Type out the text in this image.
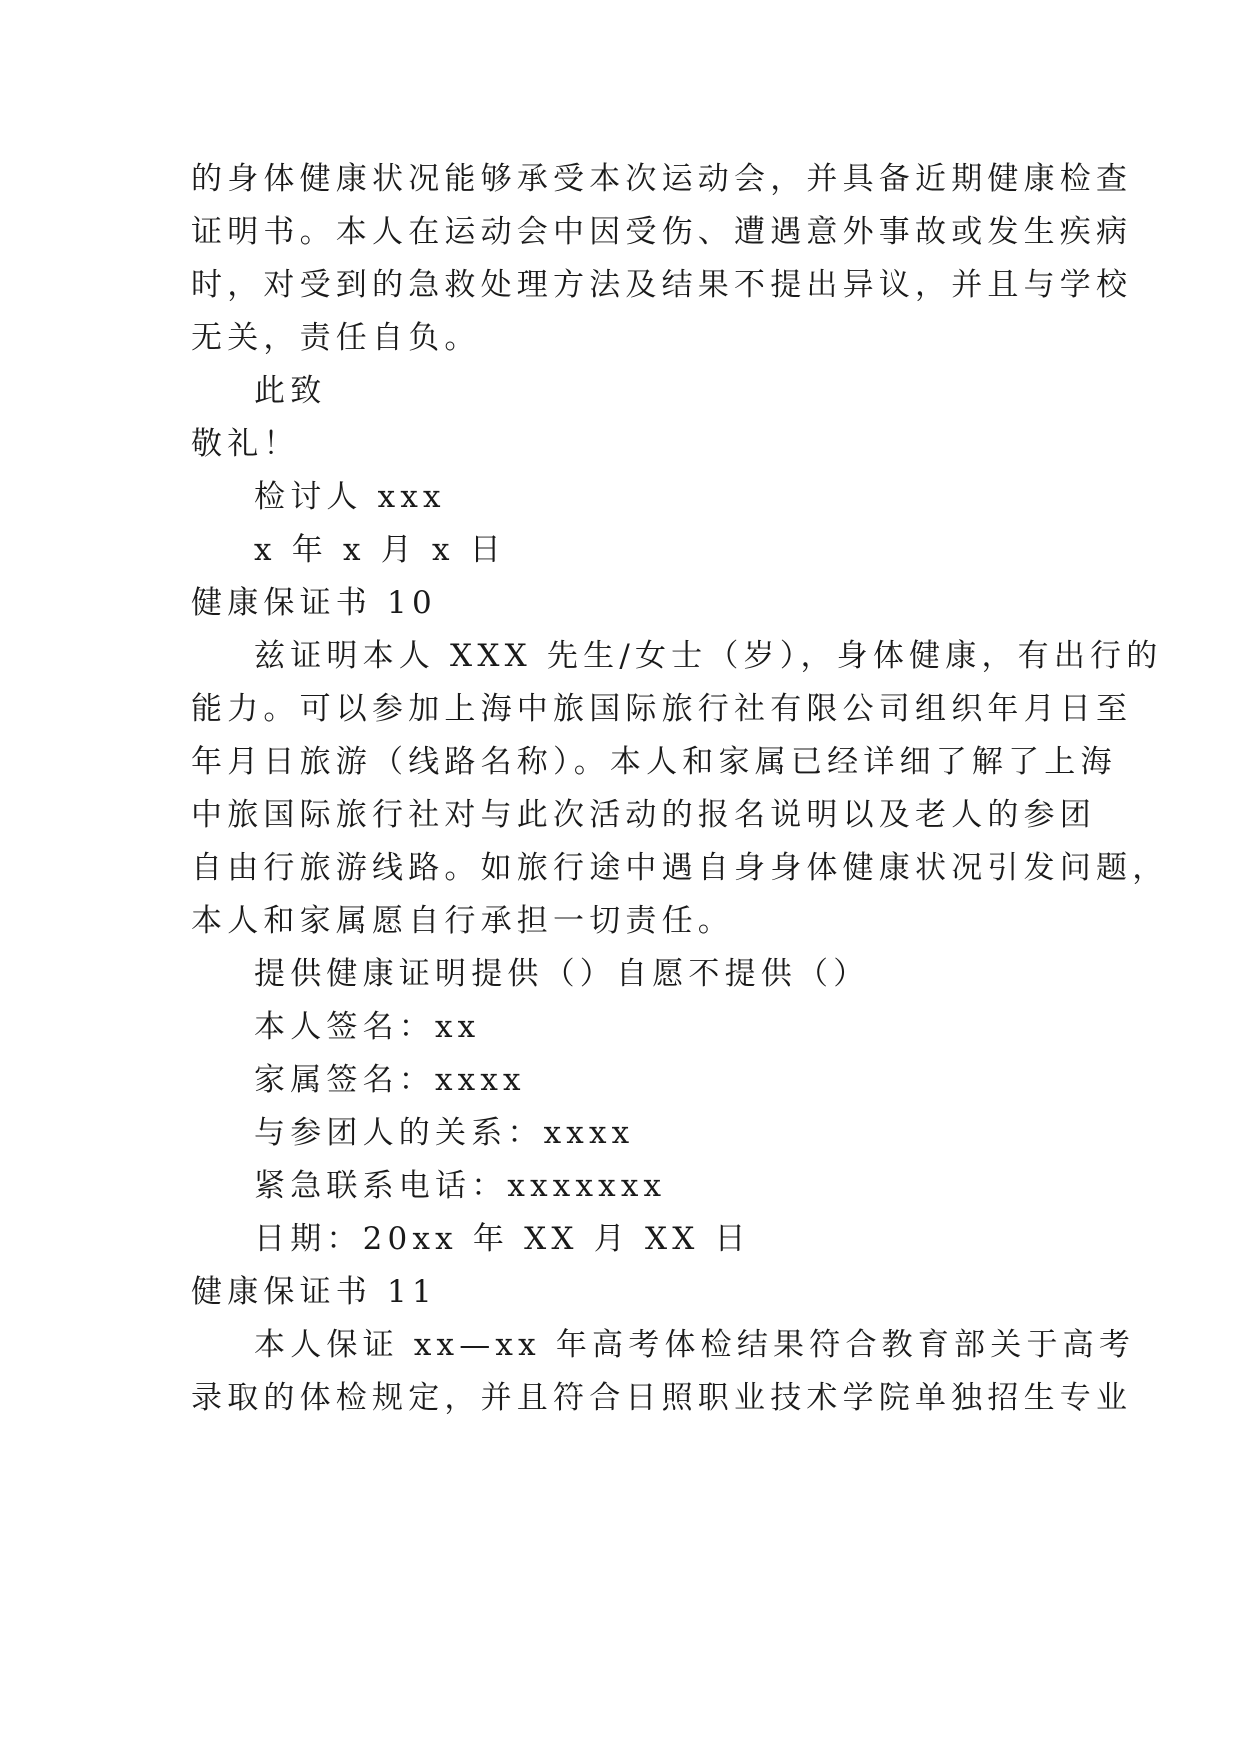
的身体健康状况能够承受本次运动会，并具备近期健康检查
证明书。本人在运动会中因受伤、遭遇意外事故或发生疾病
时，对受到的急救处理方法及结果不提出异议，并且与学校
无关，责任自负。
此致
敬礼！
检讨人 xxx
x 年 x 月 x 日
健康保证书 10
兹证明本人 XXX 先生/女士（岁），身体健康，有出行的
能力。可以参加上海中旅国际旅行社有限公司组织年月日至
年月日旅游（线路名称）。本人和家属已经详细了解了上海
中旅国际旅行社对与此次活动的报名说明以及老人的参团
自由行旅游线路。如旅行途中遇自身身体健康状况引发问题，
本人和家属愿自行承担一切责任。
提供健康证明提供（）自愿不提供（）
本人签名：xx
家属签名：xxxx
与参团人的关系：xxxx
紧急联系电话：xxxxxxx
日期：20xx 年 XX 月 XX 日
健康保证书 11
本人保证 xx—xx 年高考体检结果符合教育部关于高考
录取的体检规定，并且符合日照职业技术学院单独招生专业
